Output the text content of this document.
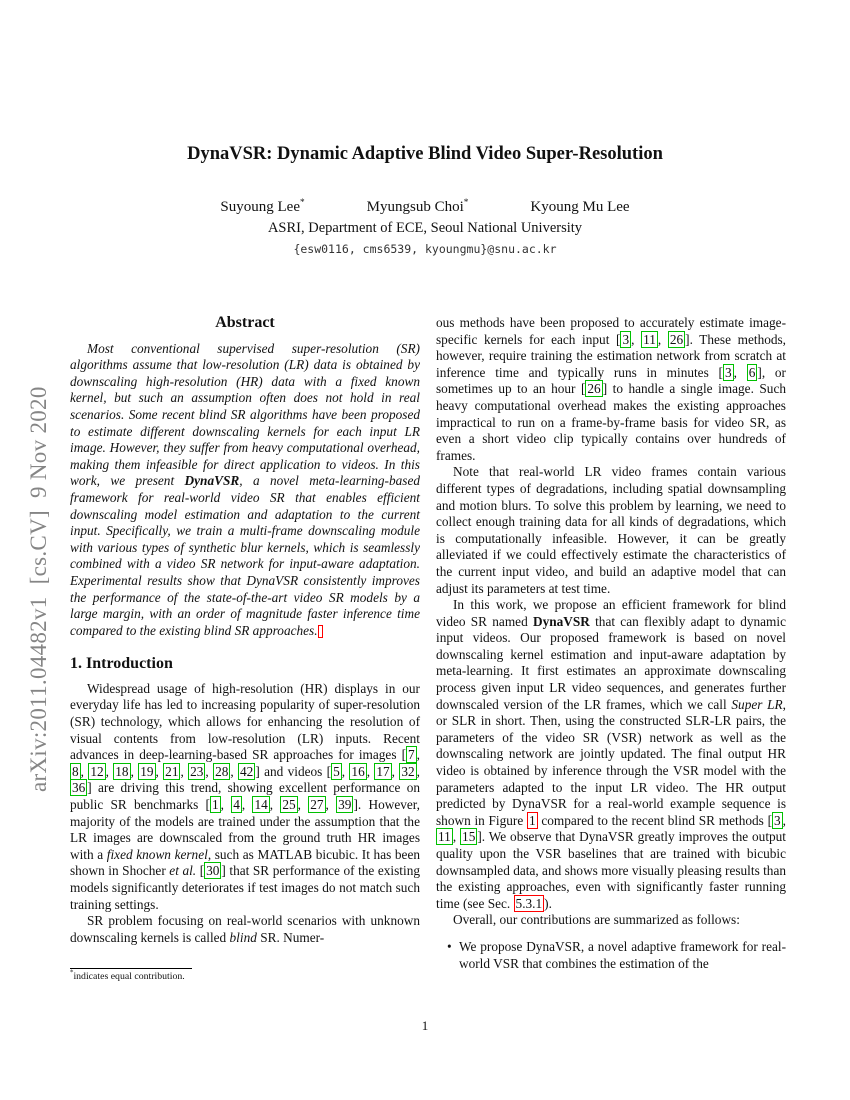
arXiv:2011.04482v1  [cs.CV]  9 Nov 2020
DynaVSR: Dynamic Adaptive Blind Video Super-Resolution
Suyoung Lee*	Myungsub Choi*	Kyoung Mu Lee
ASRI, Department of ECE, Seoul National University
{esw0116, cms6539, kyoungmu}@snu.ac.kr
Abstract
Most conventional supervised super-resolution (SR) algorithms assume that low-resolution (LR) data is obtained by downscaling high-resolution (HR) data with a fixed known kernel, but such an assumption often does not hold in real scenarios. Some recent blind SR algorithms have been proposed to estimate different downscaling kernels for each input LR image. However, they suffer from heavy computational overhead, making them infeasible for direct application to videos. In this work, we present DynaVSR, a novel meta-learning-based framework for real-world video SR that enables efficient downscaling model estimation and adaptation to the current input. Specifically, we train a multi-frame downscaling module with various types of synthetic blur kernels, which is seamlessly combined with a video SR network for input-aware adaptation. Experimental results show that DynaVSR consistently improves the performance of the state-of-the-art video SR models by a large margin, with an order of magnitude faster inference time compared to the existing blind SR approaches.
1. Introduction
Widespread usage of high-resolution (HR) displays in our everyday life has led to increasing popularity of super-resolution (SR) technology, which allows for enhancing the resolution of visual contents from low-resolution (LR) inputs. Recent advances in deep-learning-based SR approaches for images [ 7 , 8 , 12 , 18 , 19 , 21 , 23 , 28 , 42 ] and videos [ 5 , 16 , 17 , 32 , 36 ] are driving this trend, showing excellent performance on public SR benchmarks [ 1 , 4 , 14 , 25 , 27 , 39 ]. However, majority of the models are trained under the assumption that the LR images are downscaled from the ground truth HR images with a fixed known kernel, such as MATLAB bicubic. It has been shown in Shocher et al. [ 30 ] that SR performance of the existing models significantly deteriorates if test images do not match such training settings.
SR problem focusing on real-world scenarios with unknown downscaling kernels is called blind SR. Numer-
ous methods have been proposed to accurately estimate image-specific kernels for each input [ 3 , 11 , 26 ]. These methods, however, require training the estimation network from scratch at inference time and typically runs in minutes [ 3 , 6 ], or sometimes up to an hour [ 26 ] to handle a single image. Such heavy computational overhead makes the existing approaches impractical to run on a frame-by-frame basis for video SR, as even a short video clip typically contains over hundreds of frames.
Note that real-world LR video frames contain various different types of degradations, including spatial downsampling and motion blurs. To solve this problem by learning, we need to collect enough training data for all kinds of degradations, which is computationally infeasible. However, it can be greatly alleviated if we could effectively estimate the characteristics of the current input video, and build an adaptive model that can adjust its parameters at test time.
In this work, we propose an efficient framework for blind video SR named DynaVSR that can flexibly adapt to dynamic input videos. Our proposed framework is based on novel downscaling kernel estimation and input-aware adaptation by meta-learning. It first estimates an approximate downscaling process given input LR video sequences, and generates further downscaled version of the LR frames, which we call Super LR, or SLR in short. Then, using the constructed SLR-LR pairs, the parameters of the video SR (VSR) network as well as the downscaling network are jointly updated. The final output HR video is obtained by inference through the VSR model with the parameters adapted to the input LR video. The HR output predicted by DynaVSR for a real-world example sequence is shown in Figure 1 compared to the recent blind SR methods [ 3 , 11 , 15 ]. We observe that DynaVSR greatly improves the output quality upon the VSR baselines that are trained with bicubic downsampled data, and shows more visually pleasing results than the existing approaches, even with significantly faster running time (see Sec. 5.3.1 ).
Overall, our contributions are summarized as follows:
• We propose DynaVSR, a novel adaptive framework for real-world VSR that combines the estimation of the
*indicates equal contribution.
1
